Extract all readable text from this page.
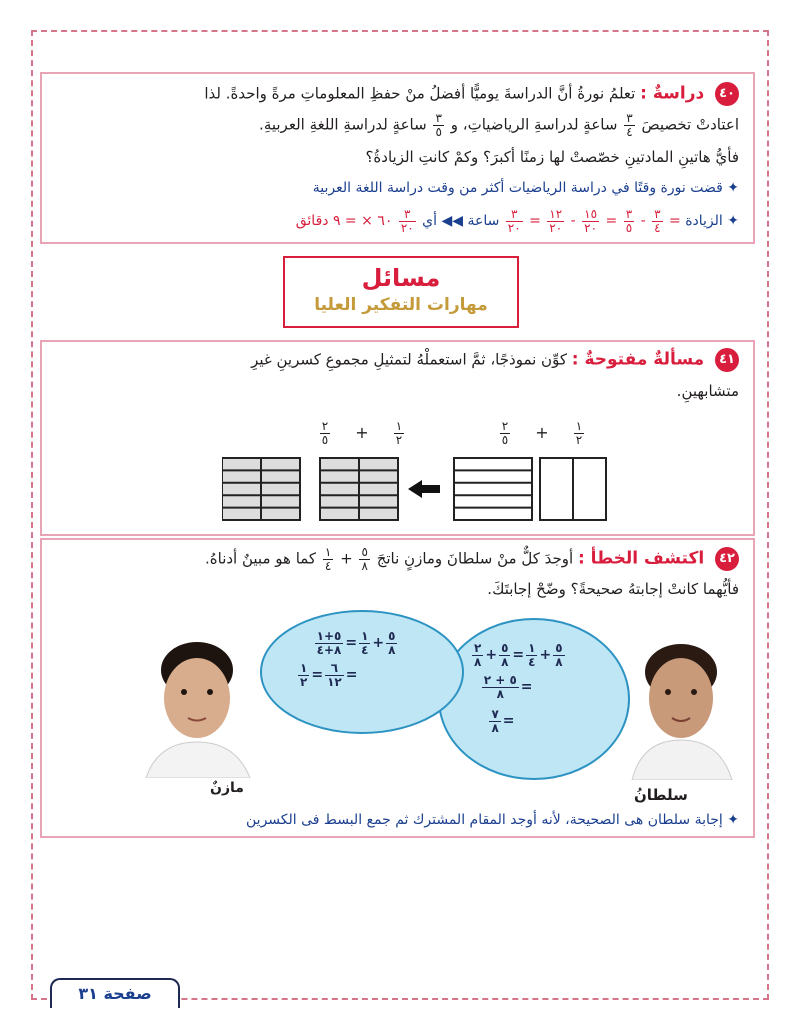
٤٠ دراسةٌ : تعلمُ نورةُ أنَّ الدراسةَ يوميًّا أفضلُ منْ حفظِ المعلوماتِ مرةً واحدةً. لذا
اعتادتْ تخصيصَ
$\frac{٣}{٤}$
ساعةٍ لدراسةِ الرياضياتِ، و
$\frac{٣}{٥}$
ساعةٍ لدراسةِ اللغةِ العربيةِ.
فأيُّ هاتينِ المادتينِ خصّصتْ لها زمنًا أكبرَ؟ وكمْ كانتِ الزيادةُ؟
✦ قضت نورة وقتًا في دراسة الرياضيات أكثر من وقت دراسة اللغة العربية
✦ الزيادة =
$\frac{٣}{٤}$
-
$\frac{٣}{٥}$
=
$\frac{١٥}{٢٠}$
-
$\frac{١٢}{٢٠}$
=
$\frac{٣}{٢٠}$
ساعة ◀◀ أي
$\frac{٣}{٢٠}$
٦٠ × = ٩ دقائق
مسائل
مهارات التفكير العليا
٤١ مسألةٌ مفتوحةٌ : كوِّن نموذجًا، ثمَّ استعملْهُ لتمثيلِ مجموعِ كسرينِ غيرِ
متشابهينِ.
$\frac{٢}{٥} + \frac{١}{٢}$	$\frac{٢}{٥} + \frac{١}{٢}$
٤٢ اكتشف الخطأ : أوجدَ كلٌّ منْ سلطانَ ومازنٍ ناتجَ
$\frac{٥}{٨}$
+
$\frac{١}{٤}$
كما هو مبينٌ أدناهُ.
فأيُّهما كانتْ إجابتهُ صحيحةً؟ وضّحْ إجابتَكَ.
$\frac{٥}{٨}$
+
$\frac{١}{٤}$
=
$\frac{٥}{٨}$
+
$\frac{٢}{٨}$
=
$\frac{٥ + ٢}{٨}$
=
$\frac{٧}{٨}$
$\frac{٥}{٨}$
+
$\frac{١}{٤}$
=
$\frac{٥+١}{٨+٤}$
=
$\frac{٦}{١٢}$
=
$\frac{١}{٢}$
سلطانُ
مازنٌ
✦ إجابة سلطان هى الصحيحة، لأنه أوجد المقام المشترك ثم جمع البسط فى الكسرين
صفحة ٣١
